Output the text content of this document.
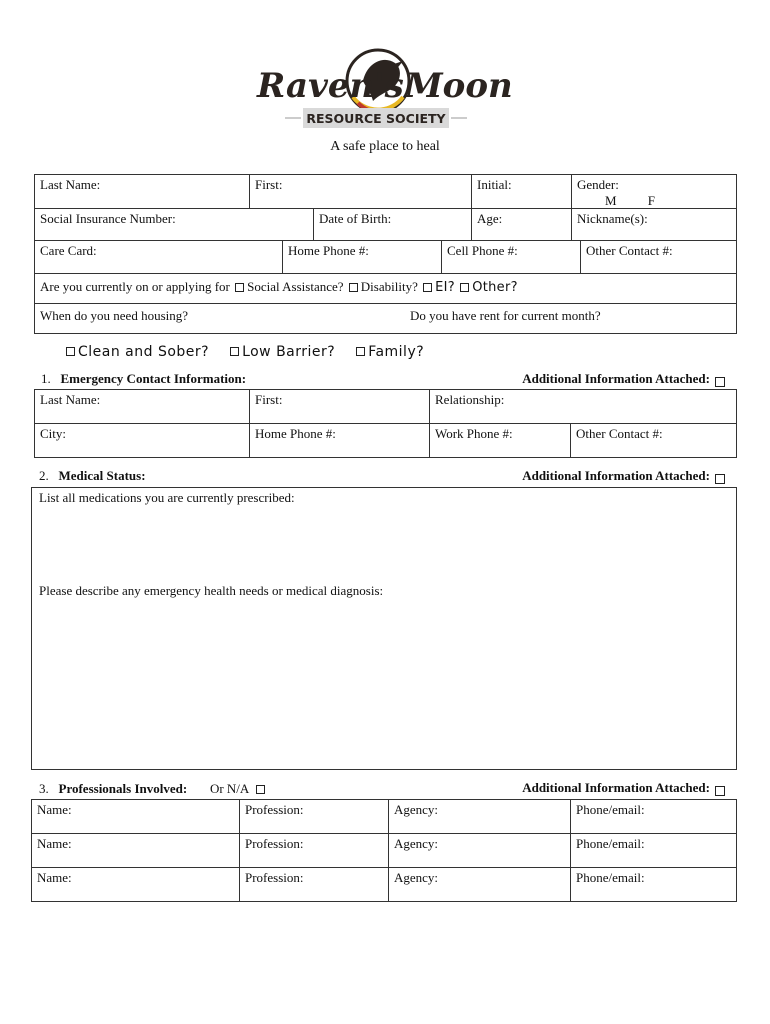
Raven's Moon
RESOURCE SOCIETY
A safe place to heal
Last Name:	First:	Initial:	Gender:
M F
Social Insurance Number:	Date of Birth:	Age:	Nickname(s):
Care Card:	Home Phone #:	Cell Phone #:	Other Contact #:
Are you currently on or applying for Social Assistance? Disability? EI? Other?
When do you need housing?	Do you have rent for current month?
Clean and Sober? Low Barrier? Family?
1. Emergency Contact Information:	Additional Information Attached:
Last Name:	First:	Relationship:
City:	Home Phone #:	Work Phone #:	Other Contact #:
2. Medical Status:	Additional Information Attached:
List all medications you are currently prescribed:
Please describe any emergency health needs or medical diagnosis:
3. Professionals Involved: Or N/A	Additional Information Attached:
Name:	Profession:	Agency:	Phone/email:
Name:	Profession:	Agency:	Phone/email:
Name:	Profession:	Agency:	Phone/email:
